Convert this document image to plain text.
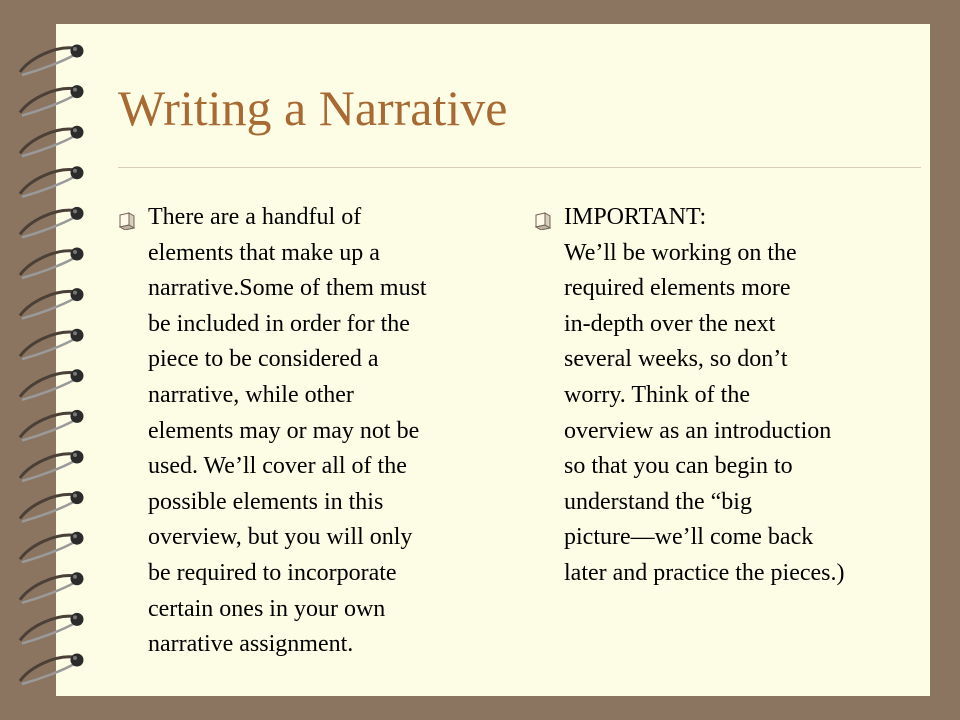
Writing a Narrative

There are a handful of
elements that make up a
narrative.Some of them must
be included in order for the
piece to be considered a
narrative, while other
elements may or may not be
used. We’ll cover all of the
possible elements in this
overview, but you will only
be required to incorporate
certain ones in your own
narrative assignment.

IMPORTANT:
We’ll be working on the
required elements more
in-depth over the next
several weeks, so don’t
worry. Think of the
overview as an introduction
so that you can begin to
understand the “big
picture—we’ll come back
later and practice the pieces.)
